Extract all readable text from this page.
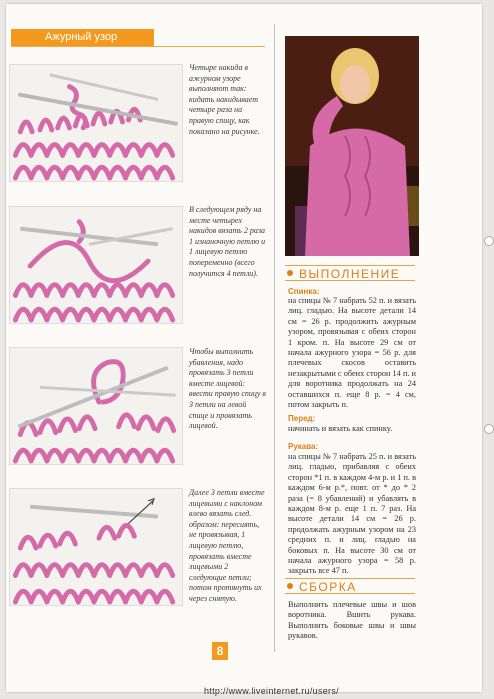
Ажурный узор
Четыре накида в ажурном узоре выполняют так: кидать накидывает четыре раза на правую спицу, как показано на рисунке.
В следующем ряду на месте четырех накидов вязать 2 раза 1 изнаночную петлю и 1 лицевую петлю попеременно (всего получится 4 петли).
Чтобы выполнить убавления, надо провязать 3 петли вместе лицевой: ввести правую спицу в 3 петли на левой спице и провязать лицевой.
Далее 3 петли вместе лицевыми с наклоном влево вязать след. образом: пересиять, не провязывая, 1 лицевую петлю, провязать вместе лицевыми 2 следующие петли; потом протянуть их через снятую.
ВЫПОЛНЕНИЕ
Спинка:
на спицы № 7 набрать 52 п. и вязать лиц. гладью. На высоте детали 14 см = 26 р. продолжить ажурным узором, провязывая с обеих сторон 1 кром. п. На высоте 29 см от начала ажурного узора = 56 р. для плечевых скосов оставить незакрытыми с обеих сторон 14 п. и для воротника продолжать на 24 оставшихся п. еще 8 р. = 4 см, потом закрыть п.
Перед:
начинать и вязать как спинку.
Рукава:
на спицы № 7 набрать 25 п. и вязать лиц. гладью, прибавляя с обеих сторон *1 п. в каждом 4-м р. и 1 п. в каждом 6-м р.*, повт. от * до * 2 раза (= 8 убавлений) и убавлять в каждом 8-м р. еще 1 п. 7 раз. На высоте детали 14 см = 26 р. продолжать ажурным узором на 23 средних п. и лиц. гладью на боковых п. На высоте 30 см от начала ажурного узора = 58 р. закрыть все 47 п.
СБОРКА
Выполнить плечевые швы и шов воротника. Вшить рукава. Выполнить боковые швы и швы рукавов.
8
http://www.liveinternet.ru/users/
